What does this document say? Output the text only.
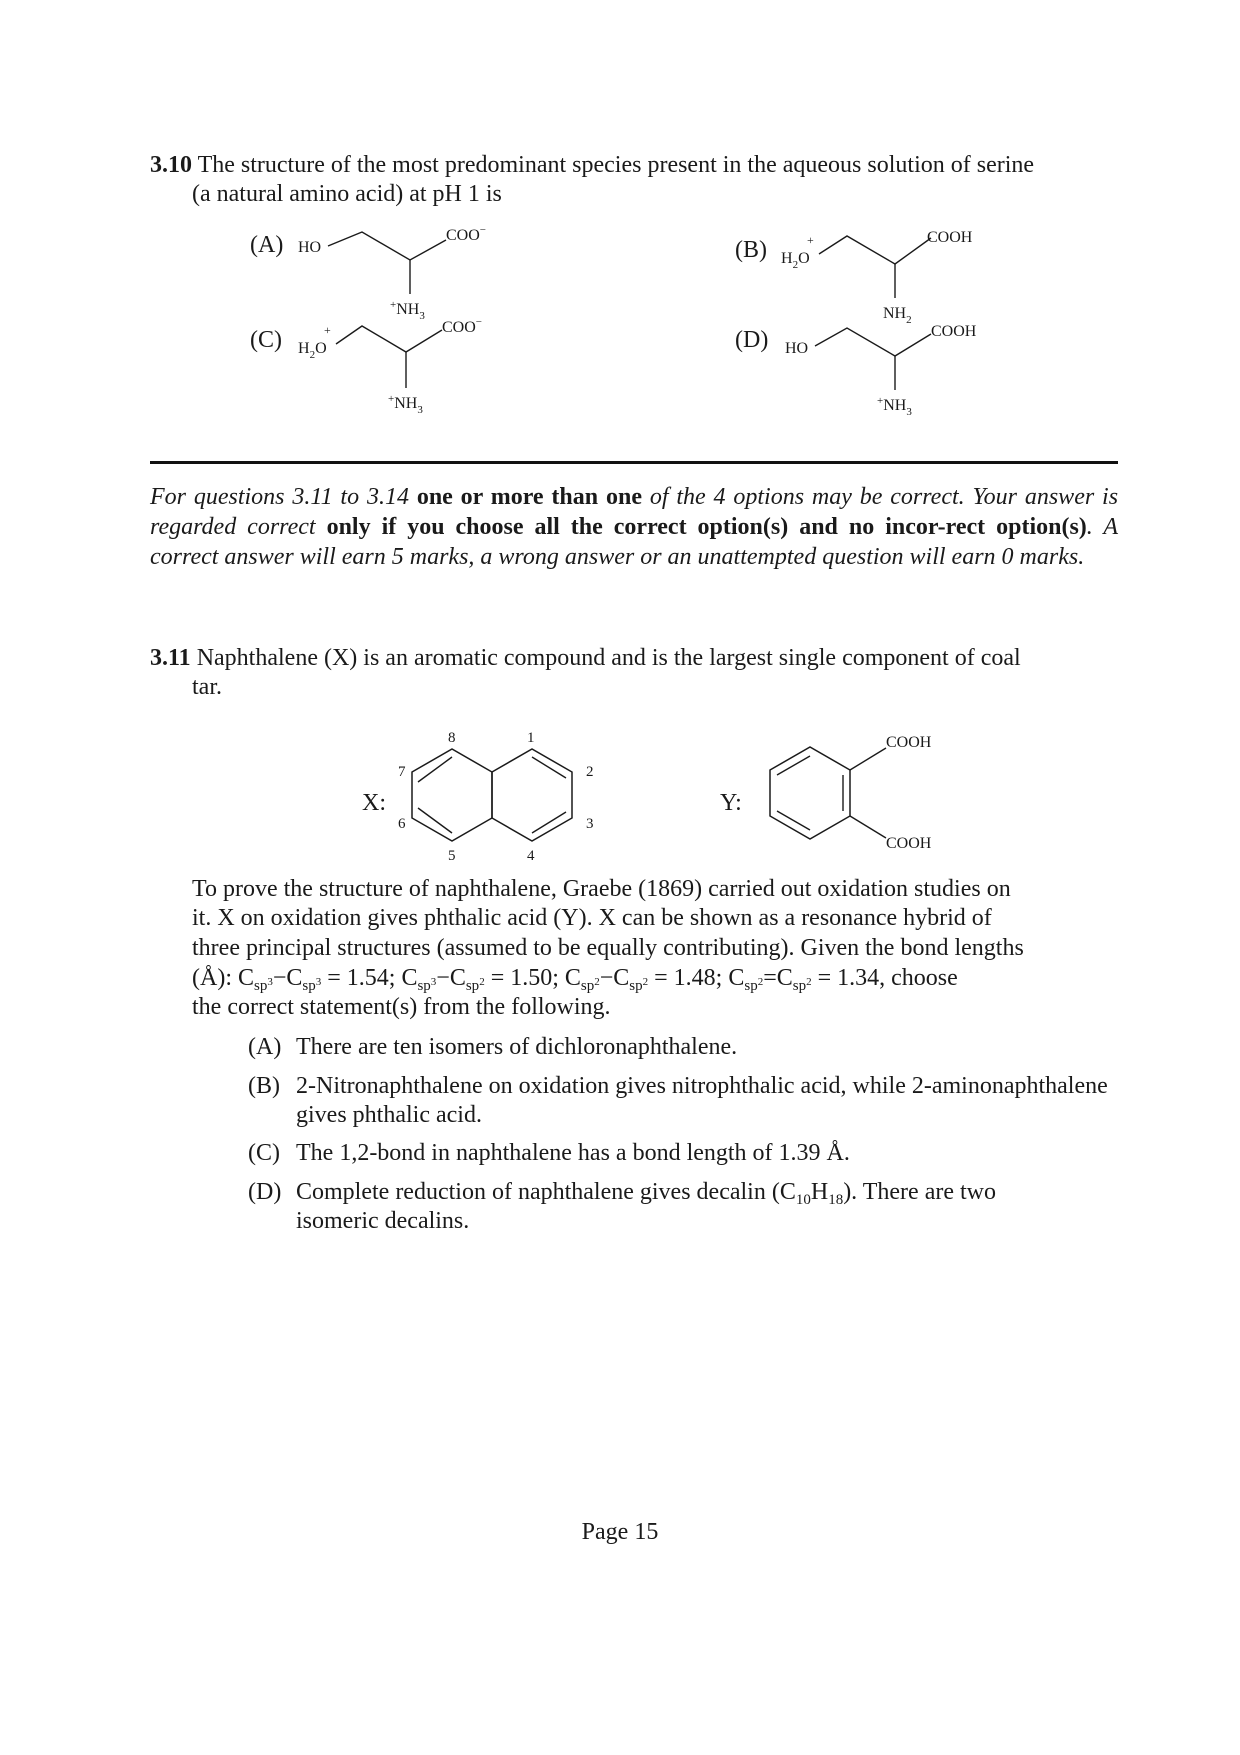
3.10 The structure of the most predominant species present in the aqueous solution of serine
(a natural amino acid) at pH 1 is
(A) HO
COO−
$^+NH_3$
(B) $H_2O$
+	COOH
$NH_2$
(C) $H_2O$
+	COO−
$^+NH_3$
(D) HO
COOH
$^+NH_3$
For questions 3.11 to 3.14 one or more than one of the 4 options may be correct. Your answer is regarded correct only if you choose all the correct option(s) and no incor-rect option(s). A correct answer will earn 5 marks, a wrong answer or an unattempted question will earn 0 marks.
3.11 Naphthalene (X) is an aromatic compound and is the largest single component of coal
tar.
X:
1
2
3
4
5
6
7
8
Y:
COOH
COOH
To prove the structure of naphthalene, Graebe (1869) carried out oxidation studies on
it. X on oxidation gives phthalic acid (Y). X can be shown as a resonance hybrid of
three principal structures (assumed to be equally contributing). Given the bond lengths
(Å): $C_{sp}3-C_{sp}3 = 1.54$; $C_{sp}3-C_{sp}2 = 1.50$; $C_{sp}2-C_{sp}2 = 1.48$; $C_{sp}2=C_{sp}2 = 1.34$, choose
the correct statement(s) from the following.
(A) There are ten isomers of dichloronaphthalene.
(B) 2-Nitronaphthalene on oxidation gives nitrophthalic acid, while 2-aminonaphthalene
gives phthalic acid.
(C) The 1,2-bond in naphthalene has a bond length of 1.39 Å.
(D) Complete reduction of naphthalene gives decalin $(C_{10}H_{18})$. There are two
isomeric decalins.
Page 15
